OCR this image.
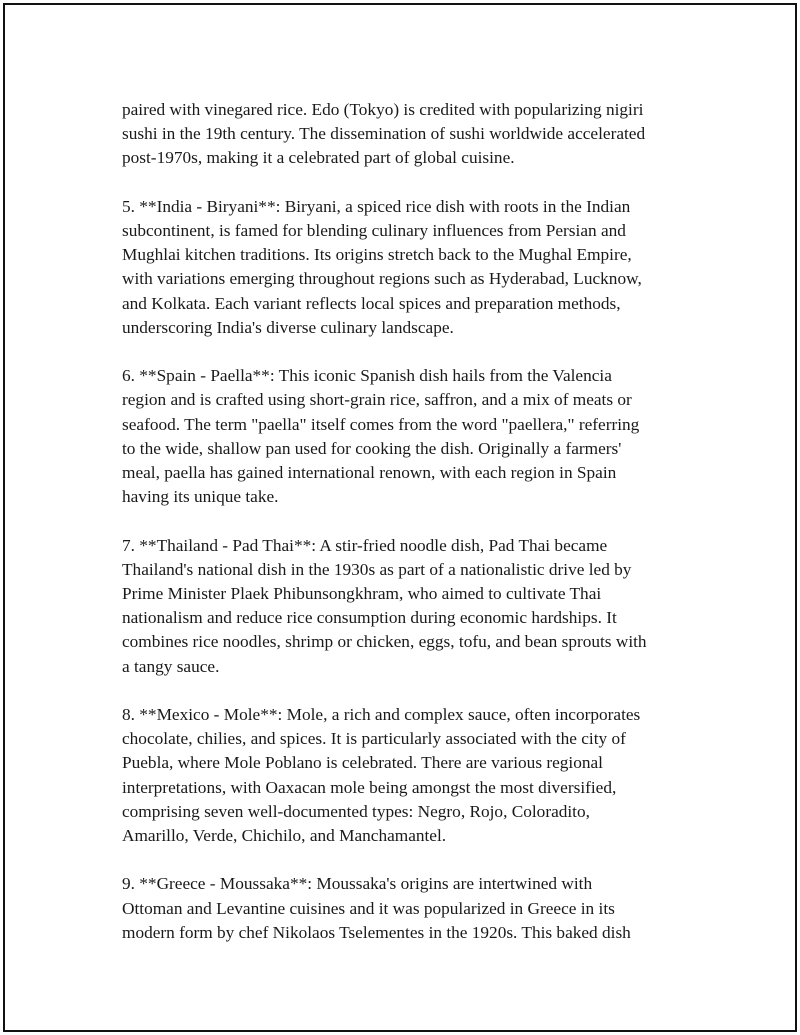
paired with vinegared rice. Edo (Tokyo) is credited with popularizing nigiri
sushi in the 19th century. The dissemination of sushi worldwide accelerated
post-1970s, making it a celebrated part of global cuisine.

5. **India - Biryani**: Biryani, a spiced rice dish with roots in the Indian
subcontinent, is famed for blending culinary influences from Persian and
Mughlai kitchen traditions. Its origins stretch back to the Mughal Empire,
with variations emerging throughout regions such as Hyderabad, Lucknow,
and Kolkata. Each variant reflects local spices and preparation methods,
underscoring India's diverse culinary landscape.

6. **Spain - Paella**: This iconic Spanish dish hails from the Valencia
region and is crafted using short-grain rice, saffron, and a mix of meats or
seafood. The term "paella" itself comes from the word "paellera," referring
to the wide, shallow pan used for cooking the dish. Originally a farmers'
meal, paella has gained international renown, with each region in Spain
having its unique take.

7. **Thailand - Pad Thai**: A stir-fried noodle dish, Pad Thai became
Thailand's national dish in the 1930s as part of a nationalistic drive led by
Prime Minister Plaek Phibunsongkhram, who aimed to cultivate Thai
nationalism and reduce rice consumption during economic hardships. It
combines rice noodles, shrimp or chicken, eggs, tofu, and bean sprouts with
a tangy sauce.

8. **Mexico - Mole**: Mole, a rich and complex sauce, often incorporates
chocolate, chilies, and spices. It is particularly associated with the city of
Puebla, where Mole Poblano is celebrated. There are various regional
interpretations, with Oaxacan mole being amongst the most diversified,
comprising seven well-documented types: Negro, Rojo, Coloradito,
Amarillo, Verde, Chichilo, and Manchamantel.

9. **Greece - Moussaka**: Moussaka's origins are intertwined with
Ottoman and Levantine cuisines and it was popularized in Greece in its
modern form by chef Nikolaos Tselementes in the 1920s. This baked dish
